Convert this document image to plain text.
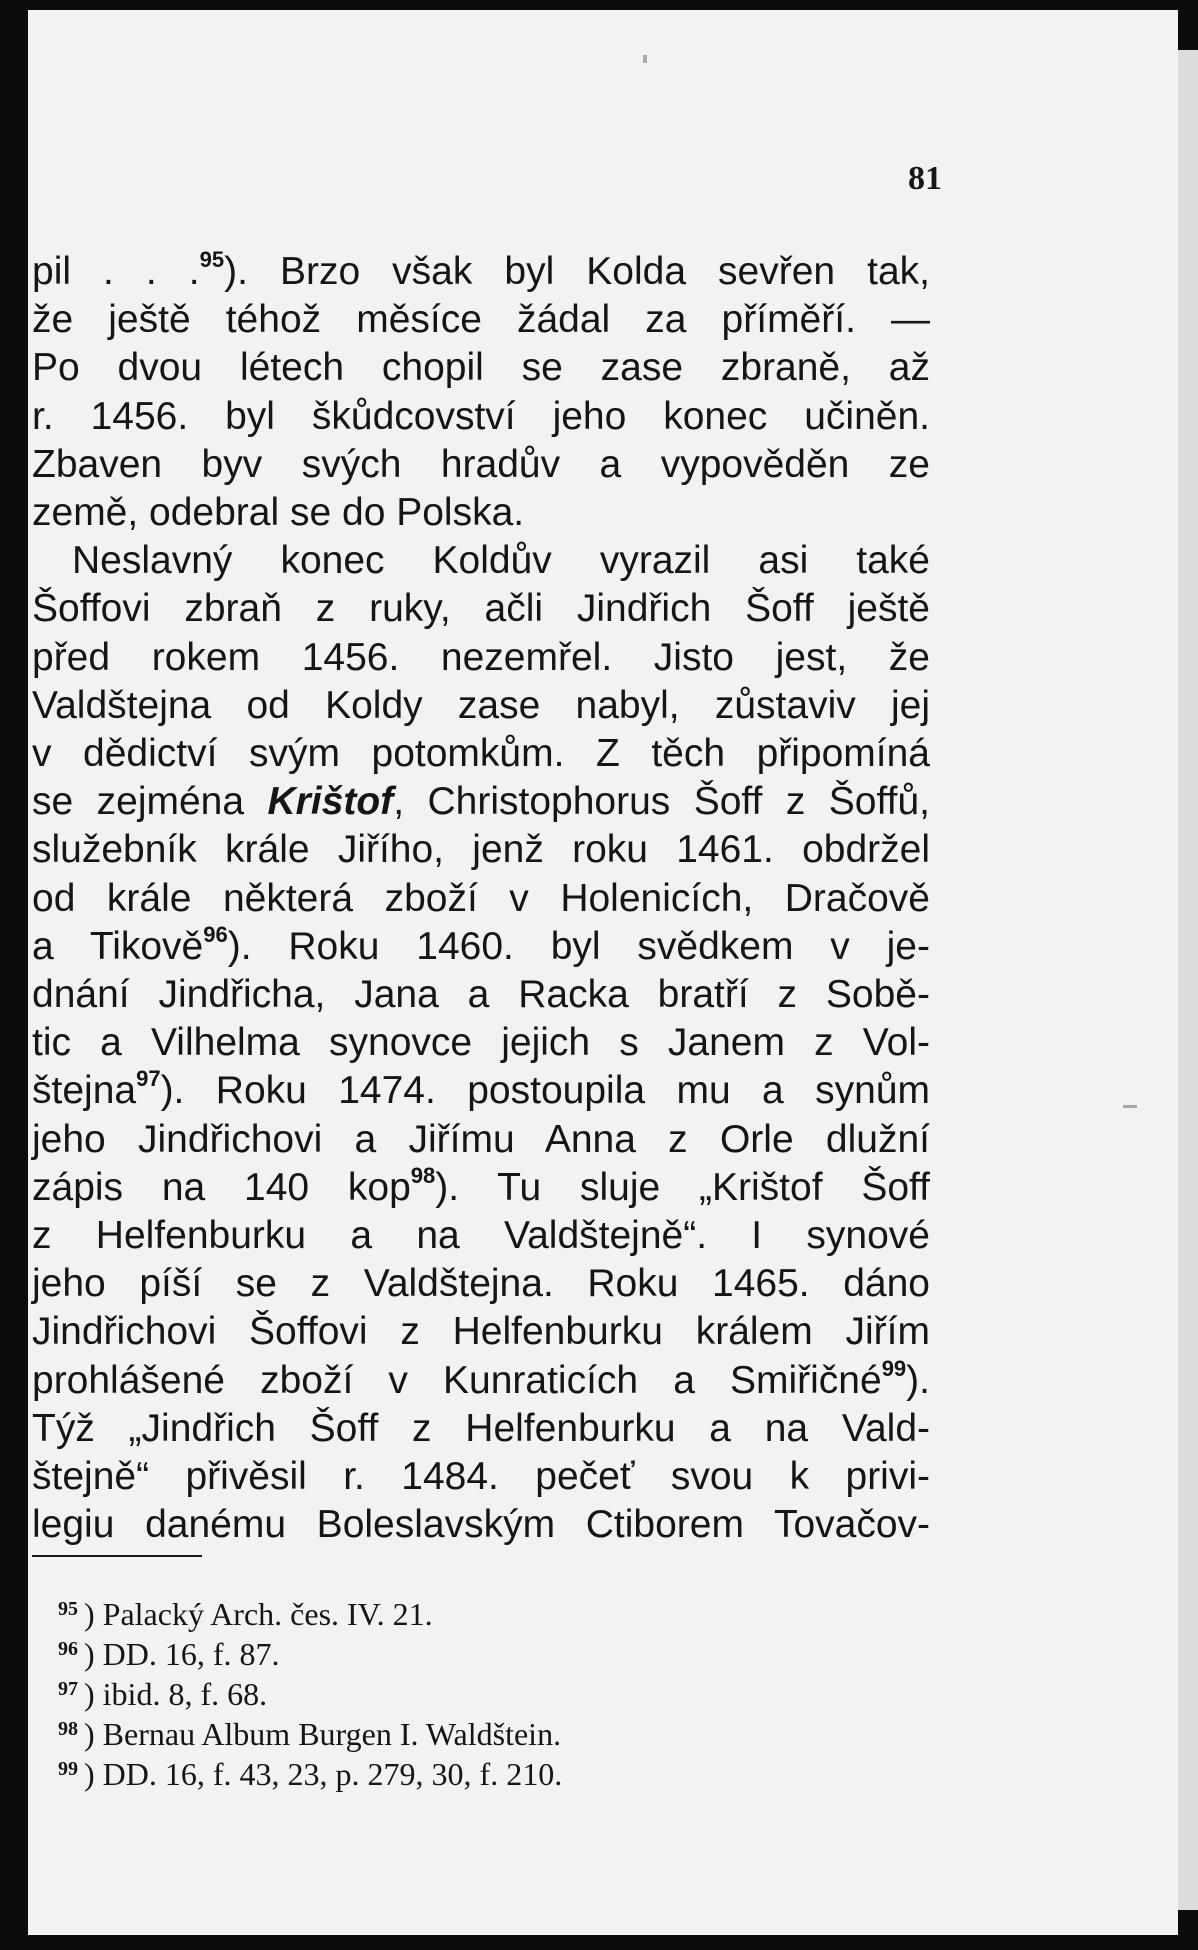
81
pil . . .$^{95}$). Brzo však byl Kolda sevřen tak,
že ještě téhož měsíce žádal za příměří. —
Po dvou létech chopil se zase zbraně, až
r. 1456. byl škůdcovství jeho konec učiněn.
Zbaven byv svých hradův a vypověděn ze
země, odebral se do Polska.
Neslavný konec Koldův vyrazil asi také
Šoffovi zbraň z ruky, ačli Jindřich Šoff ještě
před rokem 1456. nezemřel. Jisto jest, že
Valdštejna od Koldy zase nabyl, zůstaviv jej
v dědictví svým potomkům. Z těch připomíná
se zejména Krištof, Christophorus Šoff z Šoffů,
služebník krále Jiřího, jenž roku 1461. obdržel
od krále některá zboží v Holenicích, Dračově
a Tikově$^{96}$). Roku 1460. byl svědkem v je-
dnání Jindřicha, Jana a Racka bratří z Sobě-
tic a Vilhelma synovce jejich s Janem z Vol-
štejna$^{97}$). Roku 1474. postoupila mu a synům
jeho Jindřichovi a Jiřímu Anna z Orle dlužní
zápis na 140 kop$^{98}$). Tu sluje „Krištof Šoff
z Helfenburku a na Valdštejně“. I synové
jeho píší se z Valdštejna. Roku 1465. dáno
Jindřichovi Šoffovi z Helfenburku králem Jiřím
prohlášené zboží v Kunraticích a Smiřičné$^{99}$).
Týž „Jindřich Šoff z Helfenburku a na Vald-
štejně“ přivěsil r. 1484. pečeť svou k privi-
legiu danému Boleslavským Ctiborem Tovačov-
$^{95}$ ) Palacký Arch. čes. IV. 21.
$^{96}$ ) DD. 16, f. 87.
$^{97}$ ) ibid. 8, f. 68.
$^{98}$ ) Bernau Album Burgen I. Waldštein.
$^{99}$ ) DD. 16, f. 43, 23, p. 279, 30, f. 210.
